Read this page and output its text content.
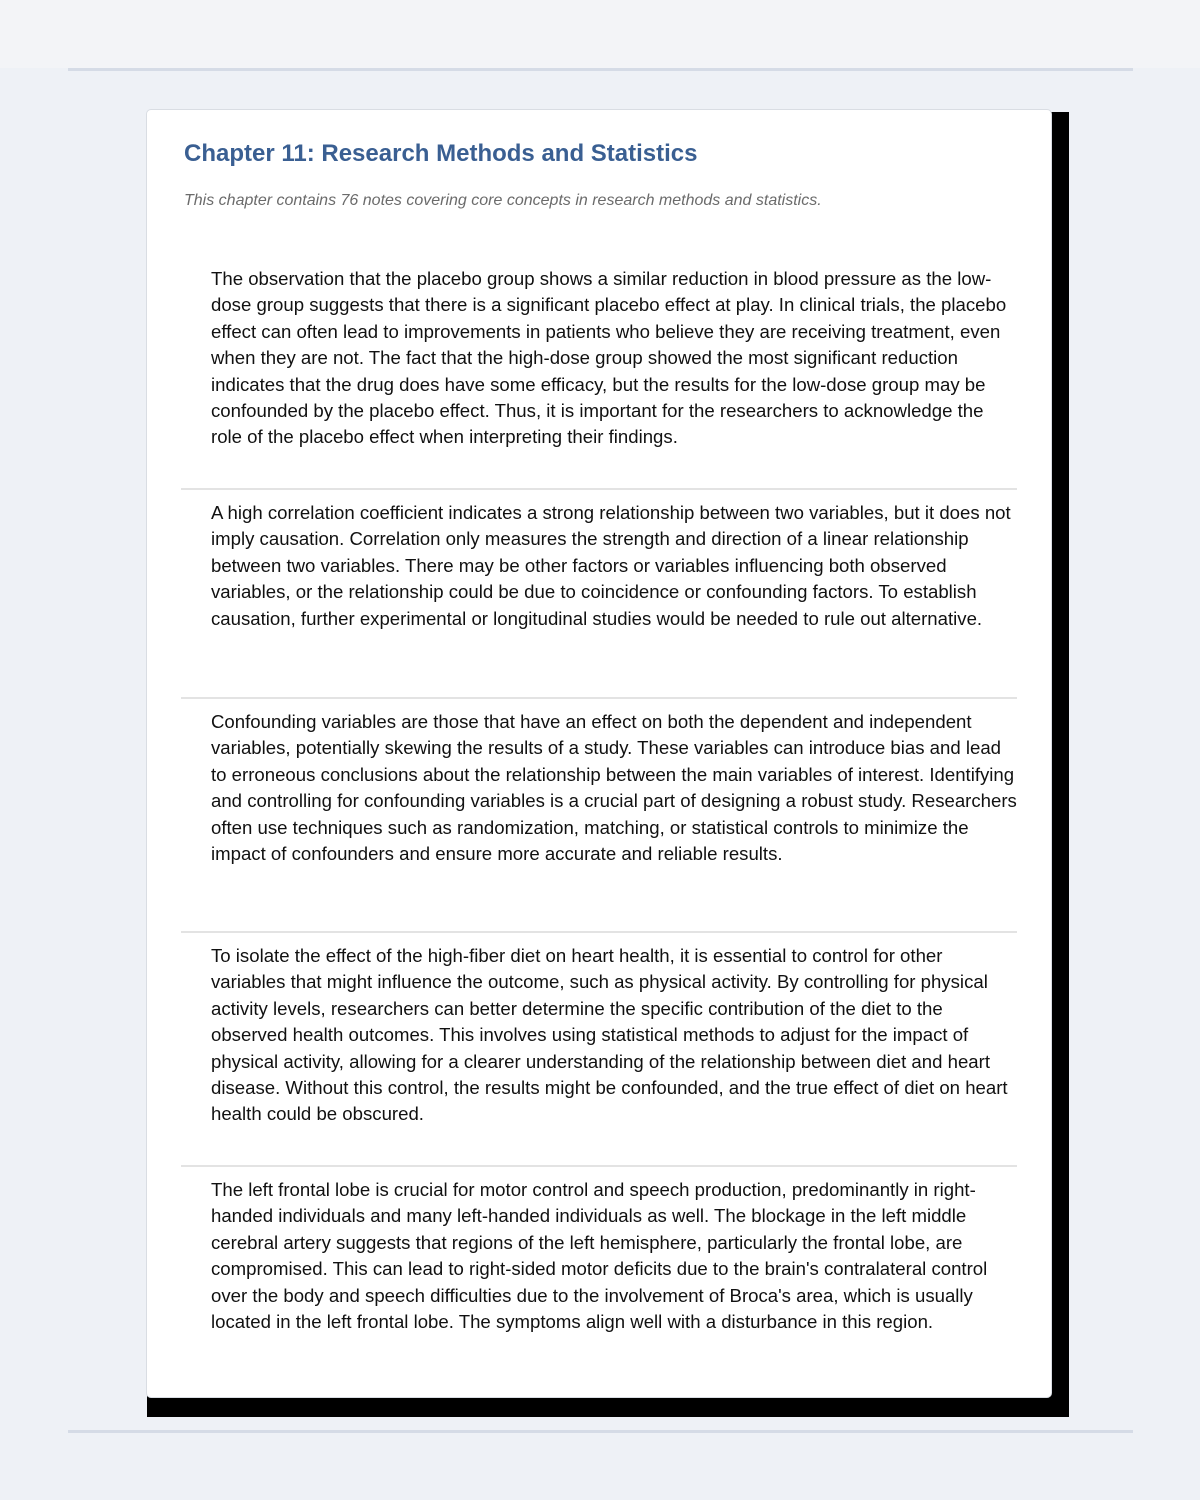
Chapter 11: Research Methods and Statistics

This chapter contains 76 notes covering core concepts in research methods and statistics.

The observation that the placebo group shows a similar reduction in blood pressure as the low-dose group suggests that there is a significant placebo effect at play. In clinical trials, the placebo effect can often lead to improvements in patients who believe they are receiving treatment, even when they are not. The fact that the high-dose group showed the most significant reduction indicates that the drug does have some efficacy, but the results for the low-dose group may be confounded by the placebo effect. Thus, it is important for the researchers to acknowledge the role of the placebo effect when interpreting their findings.

A high correlation coefficient indicates a strong relationship between two variables, but it does not imply causation. Correlation only measures the strength and direction of a linear relationship between two variables. There may be other factors or variables influencing both observed variables, or the relationship could be due to coincidence or confounding factors. To establish causation, further experimental or longitudinal studies would be needed to rule out alternative.

Confounding variables are those that have an effect on both the dependent and independent variables, potentially skewing the results of a study. These variables can introduce bias and lead to erroneous conclusions about the relationship between the main variables of interest. Identifying and controlling for confounding variables is a crucial part of designing a robust study. Researchers often use techniques such as randomization, matching, or statistical controls to minimize the impact of confounders and ensure more accurate and reliable results.

To isolate the effect of the high-fiber diet on heart health, it is essential to control for other variables that might influence the outcome, such as physical activity. By controlling for physical activity levels, researchers can better determine the specific contribution of the diet to the observed health outcomes. This involves using statistical methods to adjust for the impact of physical activity, allowing for a clearer understanding of the relationship between diet and heart disease. Without this control, the results might be confounded, and the true effect of diet on heart health could be obscured.

The left frontal lobe is crucial for motor control and speech production, predominantly in right-handed individuals and many left-handed individuals as well. The blockage in the left middle cerebral artery suggests that regions of the left hemisphere, particularly the frontal lobe, are compromised. This can lead to right-sided motor deficits due to the brain's contralateral control over the body and speech difficulties due to the involvement of Broca's area, which is usually located in the left frontal lobe. The symptoms align well with a disturbance in this region.
